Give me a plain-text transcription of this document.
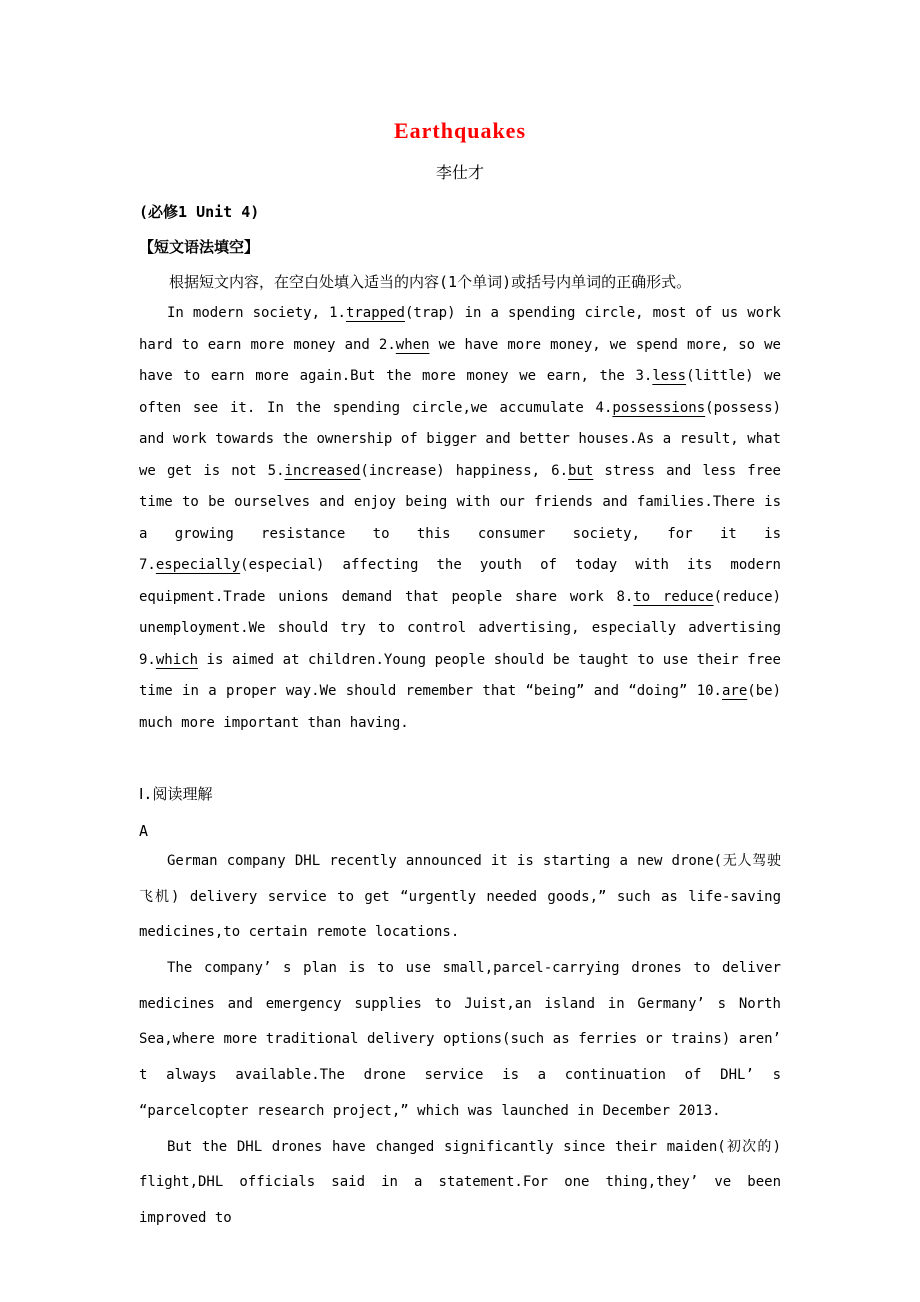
Earthquakes
李仕才
(必修1 Unit 4)
【短文语法填空】

根据短文内容，在空白处填入适当的内容(1个单词)或括号内单词的正确形式。

In modern society, 1.trapped(trap) in a spending circle, most of us work hard to earn more money and 2.when we have more money, we spend more, so we have to earn more again.But the more money we earn, the 3.less(little) we often see it. In the spending circle,we accumulate 4.possessions(possess) and work towards the ownership of bigger and better houses.As a result, what we get is not 5.increased(increase) happiness, 6.but stress and less free time to be ourselves and enjoy being with our friends and families.There is a growing resistance to this consumer society, for it is 7.especially(especial) affecting the youth of today with its modern equipment.Trade unions demand that people share work 8.to reduce(reduce) unemployment.We should try to control advertising, especially advertising 9.which is aimed at children.Young people should be taught to use their free time in a proper way.We should remember that “being” and “doing” 10.are(be) much more important than having.

Ⅰ.阅读理解
A

German company DHL recently announced it is starting a new drone(无人驾驶飞机) delivery service to get “urgently needed goods,” such as life-saving medicines,to certain remote locations.

The company’ s plan is to use small,parcel-carrying drones to deliver medicines and emergency supplies to Juist,an island in Germany’ s North Sea,where more traditional delivery options(such as ferries or trains) aren’ t always available.The drone service is a continuation of DHL’ s “parcelcopter research project,” which was launched in December 2013.

But the DHL drones have changed significantly since their maiden(初次的) flight,DHL officials said in a statement.For one thing,they’ ve been improved to
